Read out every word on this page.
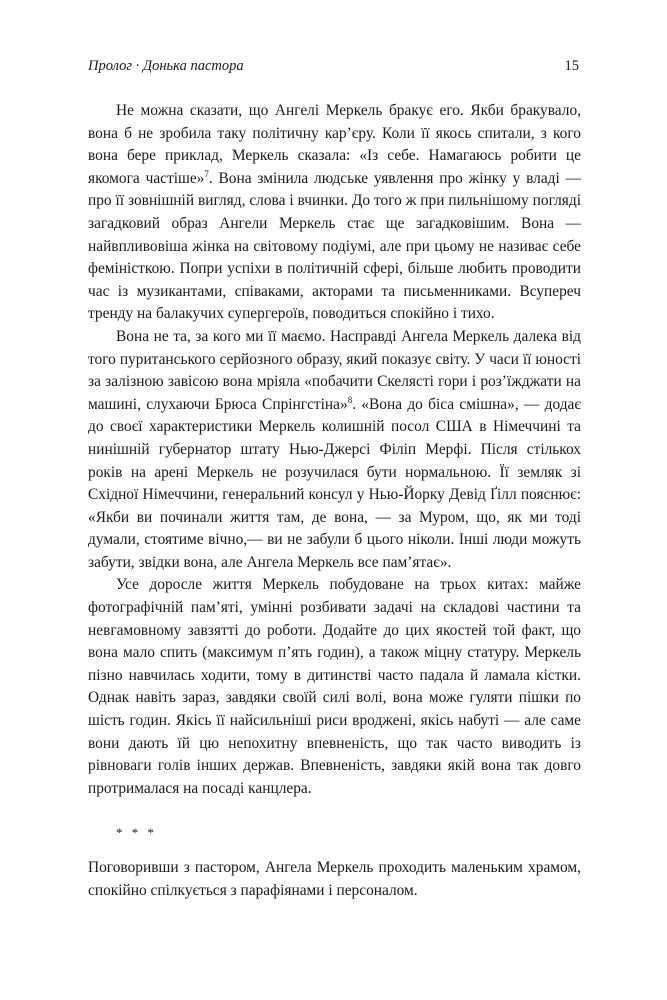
Пролог · Донька пастора	15

Не можна сказати, що Ангелі Меркель бракує его. Якби бракувало, вона б не зробила таку політичну кар’єру. Коли її якось спитали, з кого вона бере приклад, Меркель сказала: «Із себе. Намагаюсь робити це якомога частіше»$^7$. Вона змінила людське уявлення про жінку у владі — про її зовнішній вигляд, слова і вчинки. До того ж при пильнішому погляді загадковий образ Ангели Меркель стає ще загадковішим. Вона — найвпливовіша жінка на світовому подіумі, але при цьому не називає себе феміністкою. Попри успіхи в політичній сфері, більше любить проводити час із музикантами, співаками, акторами та письменниками. Всупереч тренду на балакучих супергероїв, поводиться спокійно і тихо.

Вона не та, за кого ми її маємо. Насправді Ангела Меркель далека від того пуританського серйозного образу, який показує світу. У часи її юності за залізною завісою вона мріяла «побачити Скелясті гори і роз’їжджати на машині, слухаючи Брюса Спрінгстіна»$^8$. «Вона до біса смішна», — додає до своєї характеристики Меркель колишній посол США в Німеччині та нинішній губернатор штату Нью-Джерсі Філіп Мерфі. Після стількох років на арені Меркель не розучилася бути нормальною. Її земляк зі Східної Німеччини, генеральний консул у Нью-Йорку Девід Ґілл пояснює: «Якби ви починали життя там, де вона, — за Муром, що, як ми тоді думали, стоятиме вічно,— ви не забули б цього ніколи. Інші люди можуть забути, звідки вона, але Ангела Меркель все пам’ятає».

Усе доросле життя Меркель побудоване на трьох китах: майже фотографічній пам’яті, умінні розбивати задачі на складові частини та невгамовному завзятті до роботи. Додайте до цих якостей той факт, що вона мало спить (максимум п’ять годин), а також міцну статуру. Меркель пізно навчилась ходити, тому в дитинстві часто падала й ламала кістки. Однак навіть зараз, завдяки своїй силі волі, вона може гуляти пішки по шість годин. Якісь її найсильніші риси вроджені, якісь набуті — але саме вони дають їй цю непохитну впевненість, що так часто виводить із рівноваги голів інших держав. Впевненість, завдяки якій вона так довго протрималася на посаді канцлера.

* * *

Поговоривши з пастором, Ангела Меркель проходить маленьким храмом, спокійно спілкується з парафіянами і персоналом.
